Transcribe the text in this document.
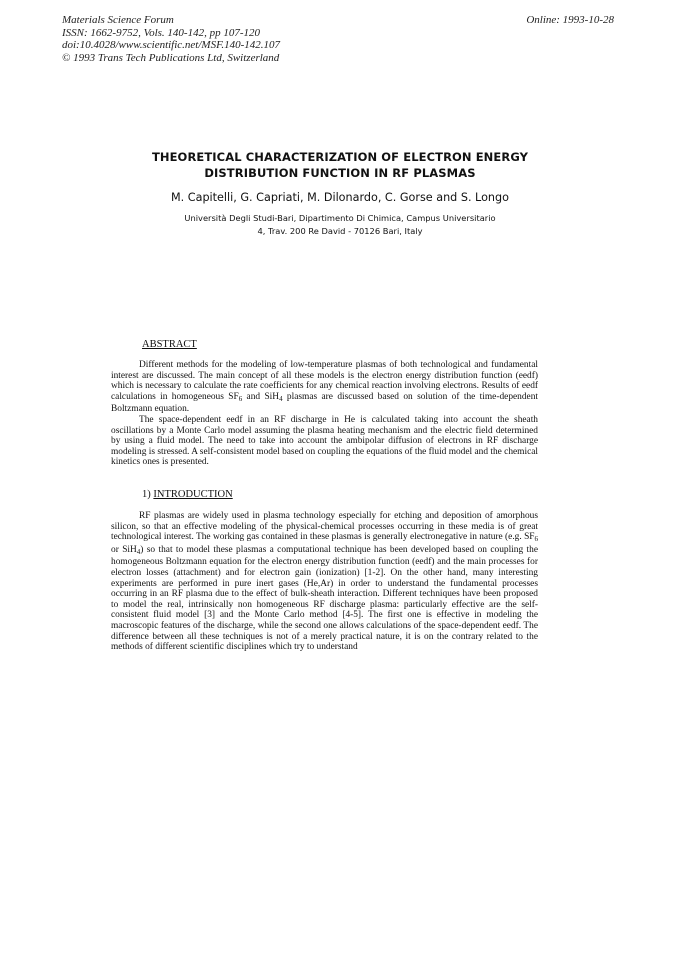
Materials Science Forum
ISSN: 1662-9752, Vols. 140-142, pp 107-120
doi:10.4028/www.scientific.net/MSF.140-142.107
© 1993 Trans Tech Publications Ltd, Switzerland
Online: 1993-10-28
THEORETICAL CHARACTERIZATION OF ELECTRON ENERGY
DISTRIBUTION FUNCTION IN RF PLASMAS
M. Capitelli, G. Capriati, M. Dilonardo, C. Gorse and S. Longo
Università Degli Studi-Bari, Dipartimento Di Chimica, Campus Universitario
4, Trav. 200 Re David - 70126 Bari, Italy
ABSTRACT

Different methods for the modeling of low-temperature plasmas of both technological and fundamental interest are discussed. The main concept of all these models is the electron energy distribution function (eedf) which is necessary to calculate the rate coefficients for any chemical reaction involving electrons. Results of eedf calculations in homogeneous $SF_6$ and SiH$_4$ plasmas are discussed based on solution of the time-dependent Boltzmann equation.

The space-dependent eedf in an RF discharge in He is calculated taking into account the sheath oscillations by a Monte Carlo model assuming the plasma heating mechanism and the electric field determined by using a fluid model. The need to take into account the ambipolar diffusion of electrons in RF discharge modeling is stressed. A self-consistent model based on coupling the equations of the fluid model and the chemical kinetics ones is presented.

1) INTRODUCTION

RF plasmas are widely used in plasma technology especially for etching and deposition of amorphous silicon, so that an effective modeling of the physical-chemical processes occurring in these media is of great technological interest. The working gas contained in these plasmas is generally electronegative in nature (e.g. $SF_6$ or SiH$_4$) so that to model these plasmas a computational technique has been developed based on coupling the homogeneous Boltzmann equation for the electron energy distribution function (eedf) and the main processes for electron losses (attachment) and for electron gain (ionization) [1-2]. On the other hand, many interesting experiments are performed in pure inert gases (He,Ar) in order to understand the fundamental processes occurring in an RF plasma due to the effect of bulk-sheath interaction. Different techniques have been proposed to model the real, intrinsically non homogeneous RF discharge plasma: particularly effective are the self-consistent fluid model [3] and the Monte Carlo method [4-5]. The first one is effective in modeling the macroscopic features of the discharge, while the second one allows calculations of the space-dependent eedf. The difference between all these techniques is not of a merely practical nature, it is on the contrary related to the methods of different scientific disciplines which try to understand
